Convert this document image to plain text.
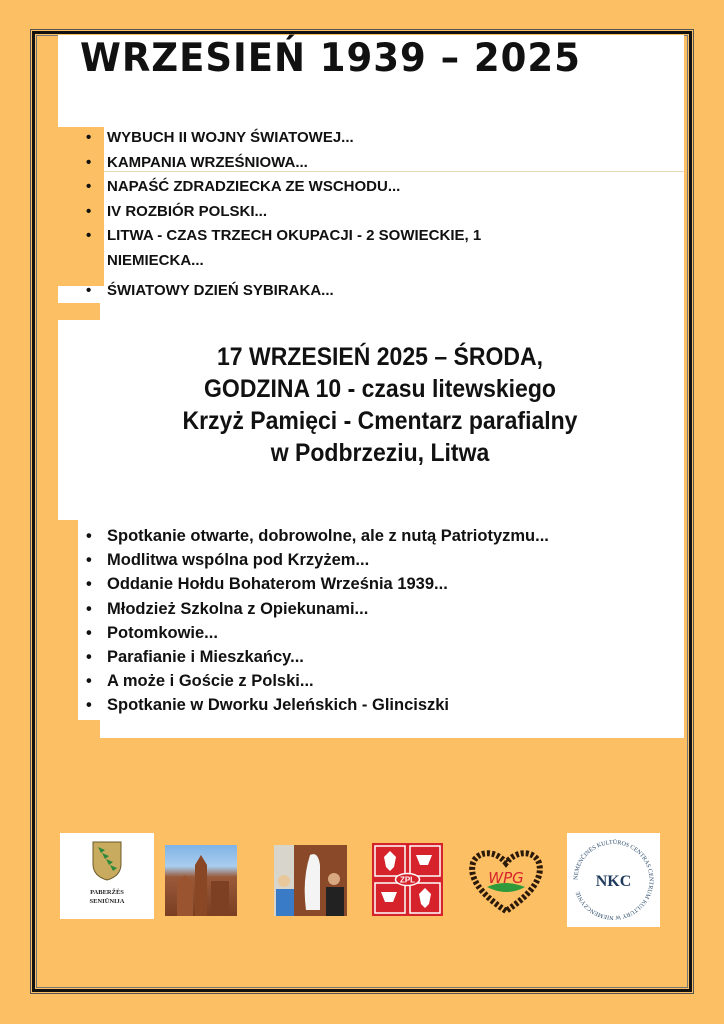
WRZESIEŃ 1939 – 2025
• WYBUCH II WOJNY ŚWIATOWEJ...
• KAMPANIA WRZEŚNIOWA...
• NAPAŚĆ ZDRADZIECKA ZE WSCHODU...
• IV ROZBIÓR POLSKI...
• LITWA - CZAS TRZECH OKUPACJI - 2 SOWIECKIE, 1 NIEMIECKA...
• ŚWIATOWY DZIEŃ SYBIRAKA...
17 WRZESIEŃ 2025 – ŚRODA,
GODZINA 10 - czasu litewskiego
Krzyż Pamięci - Cmentarz parafialny
w Podbrzeziu, Litwa
• Spotkanie otwarte, dobrowolne, ale z nutą Patriotyzmu...
• Modlitwa wspólna pod Krzyżem...
• Oddanie Hołdu Bohaterom Września 1939...
• Młodzież Szkolna z Opiekunami...
• Potomkowie...
• Parafianie i Mieszkańcy...
• A może i Goście z Polski...
• Spotkanie w Dworku Jeleńskich - Glinciszki
PABERŽĖS
SENIŪNIJA
ZPL	WPG	NEMENČINĖS KULTŪROS CENTRAS CENTRUM KULTURY W NIEMENCZYNIE
NKC
